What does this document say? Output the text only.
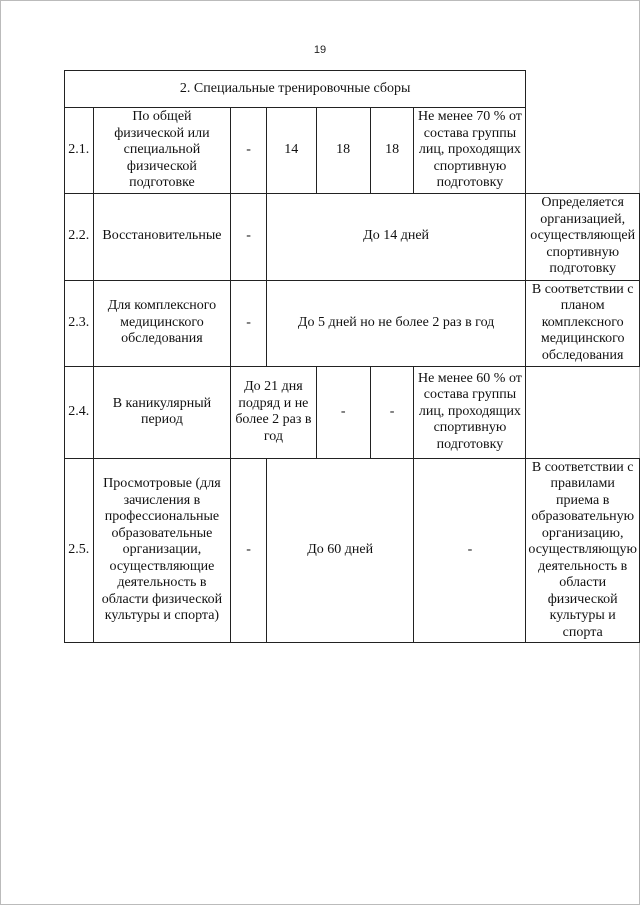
19
2. Специальные тренировочные сборы							
2.1.	По общей физической или специальной физической подготовке	-	14	18	18	Не менее 70 % от состава группы лиц, проходящих спортивную подготовку	
2.2.	Восстановительные	-	До 14 дней				Определяется организацией, осуществляющей спортивную подготовку
2.3.	Для комплексного медицинского обследования	-	До 5 дней но не более 2 раз в год				В соответствии с планом комплексного медицинского обследования
2.4.	В каникулярный период	До 21 дня подряд и не более 2 раз в год		-	-	Не менее 60 % от состава группы лиц, проходящих спортивную подготовку	
2.5.	Просмотровые (для зачисления в профессиональные образовательные организации, осуществляющие деятельность в области физической культуры и спорта)	-	До 60 дней			-	В соответствии с правилами приема в образовательную организацию, осуществляющую деятельность в области физической культуры и спорта
